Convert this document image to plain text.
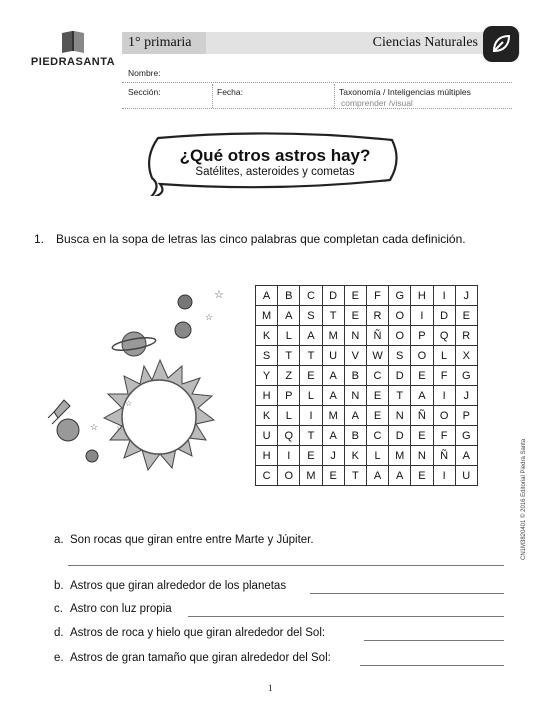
PIEDRASANTA
1° primaria	Ciencias Naturales
Nombre:
Sección:	Fecha:	Taxonomía / Inteligencias múltiples
comprender /visual
¿Qué otros astros hay?
Satélites, asteroides y cometas
1. Busca en la sopa de letras las cinco palabras que completan cada definición.
☆
☆
☆ ☆
☆
A	B	C	D	E	F	G	H	I	J
M	A	S	T	E	R	O	I	D	E
K	L	A	M	N	Ñ	O	P	Q	R
S	T	T	U	V	W	S	O	L	X
Y	Z	E	A	B	C	D	E	F	G
H	P	L	A	N	E	T	A	I	J
K	L	I	M	A	E	N	Ñ	O	P
U	Q	T	A	B	C	D	E	F	G
H	I	E	J	K	L	M	N	Ñ	A
C	O	M	E	T	A	A	E	I	U
a. Son rocas que giran entre entre Marte y Júpiter.
b. Astros que giran alrededor de los planetas
c. Astro con luz propia
d. Astros de roca y hielo que giran alrededor del Sol:
e. Astros de gran tamaño que giran alrededor del Sol:
1
CN1M3820401 © 2016 Editorial Piedra Santa
